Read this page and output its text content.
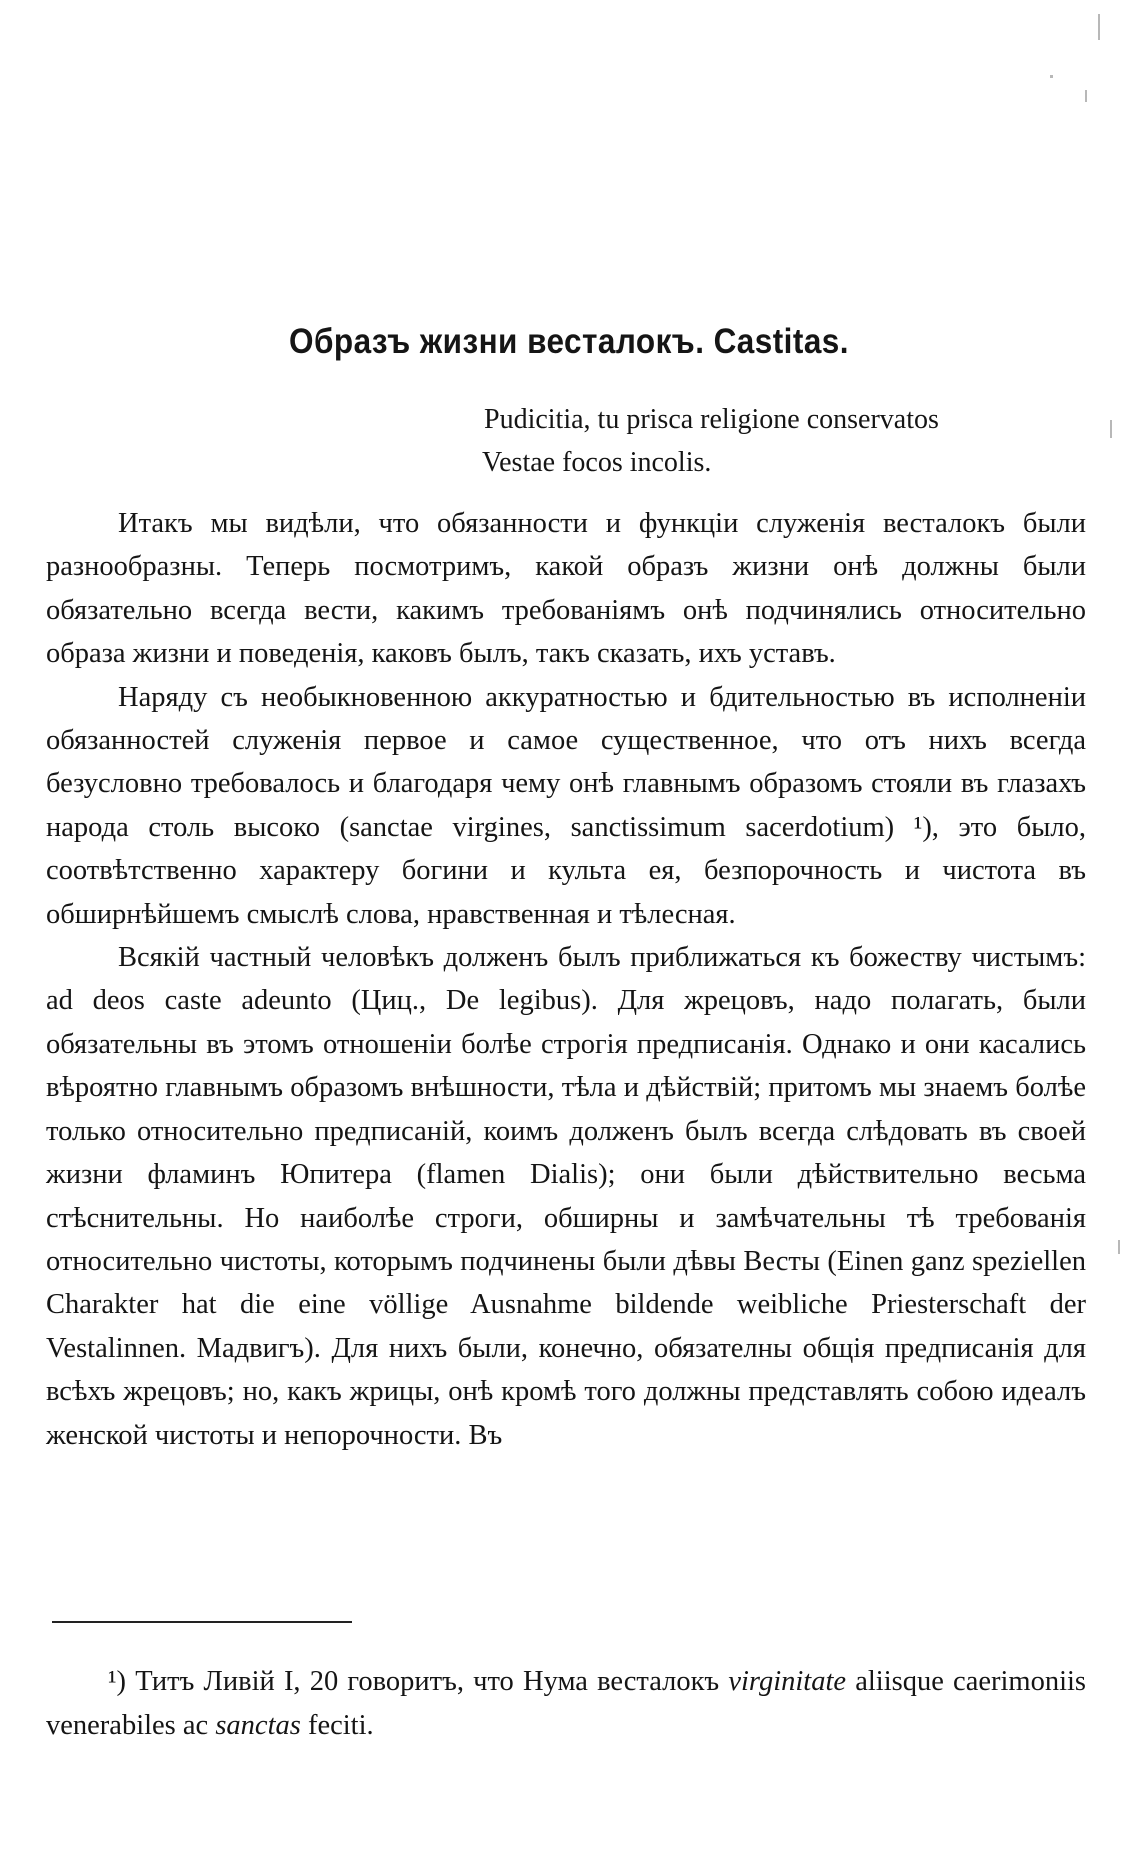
Образъ жизни весталокъ. Castitas.
Pudicitia, tu prisca religione conservatos
Vestae focos incolis.

Итакъ мы видѣли, что обязанности и функціи служенія весталокъ были разнообразны. Теперь посмотримъ, какой образъ жизни онѣ должны были обязательно всегда вести, какимъ требованіямъ онѣ подчинялись относительно образа жизни и поведенія, каковъ былъ, такъ сказать, ихъ уставъ.

Наряду съ необыкновенною аккуратностью и бдительностью въ исполненіи обязанностей служенія первое и самое существенное, что отъ нихъ всегда безусловно требовалось и благодаря чему онѣ главнымъ образомъ стояли въ глазахъ народа столь высоко (sanctae virgines, sanctissimum sacerdotium) ¹), это было, соотвѣтственно характеру богини и культа ея, безпорочность и чистота въ обширнѣйшемъ смыслѣ слова, нравственная и тѣлесная.

Всякій частный человѣкъ долженъ былъ приближаться къ божеству чистымъ: ad deos caste adeunto (Циц., De legibus). Для жрецовъ, надо полагать, были обязательны въ этомъ отношеніи болѣе строгія предписанія. Однако и они касались вѣроятно главнымъ образомъ внѣшности, тѣла и дѣйствій; притомъ мы знаемъ болѣе только относительно предписаній, коимъ долженъ былъ всегда слѣдовать въ своей жизни фламинъ Юпитера (flamen Dialis); они были дѣйствительно весьма стѣснительны. Но наиболѣе строги, обширны и замѣчательны тѣ требованія относительно чистоты, которымъ подчинены были дѣвы Весты (Einen ganz speziellen Charakter hat die eine völlige Ausnahme bildende weibliche Priesterschaft der Vestalinnen. Мадвигъ). Для нихъ были, конечно, обязателны общія предписанія для всѣхъ жрецовъ; но, какъ жрицы, онѣ кромѣ того должны представлять собою идеалъ женской чистоты и непорочности. Въ

¹) Титъ Ливій I, 20 говоритъ, что Нума весталокъ virginitate aliisque caerimoniis venerabiles ac sanctas feciti.
